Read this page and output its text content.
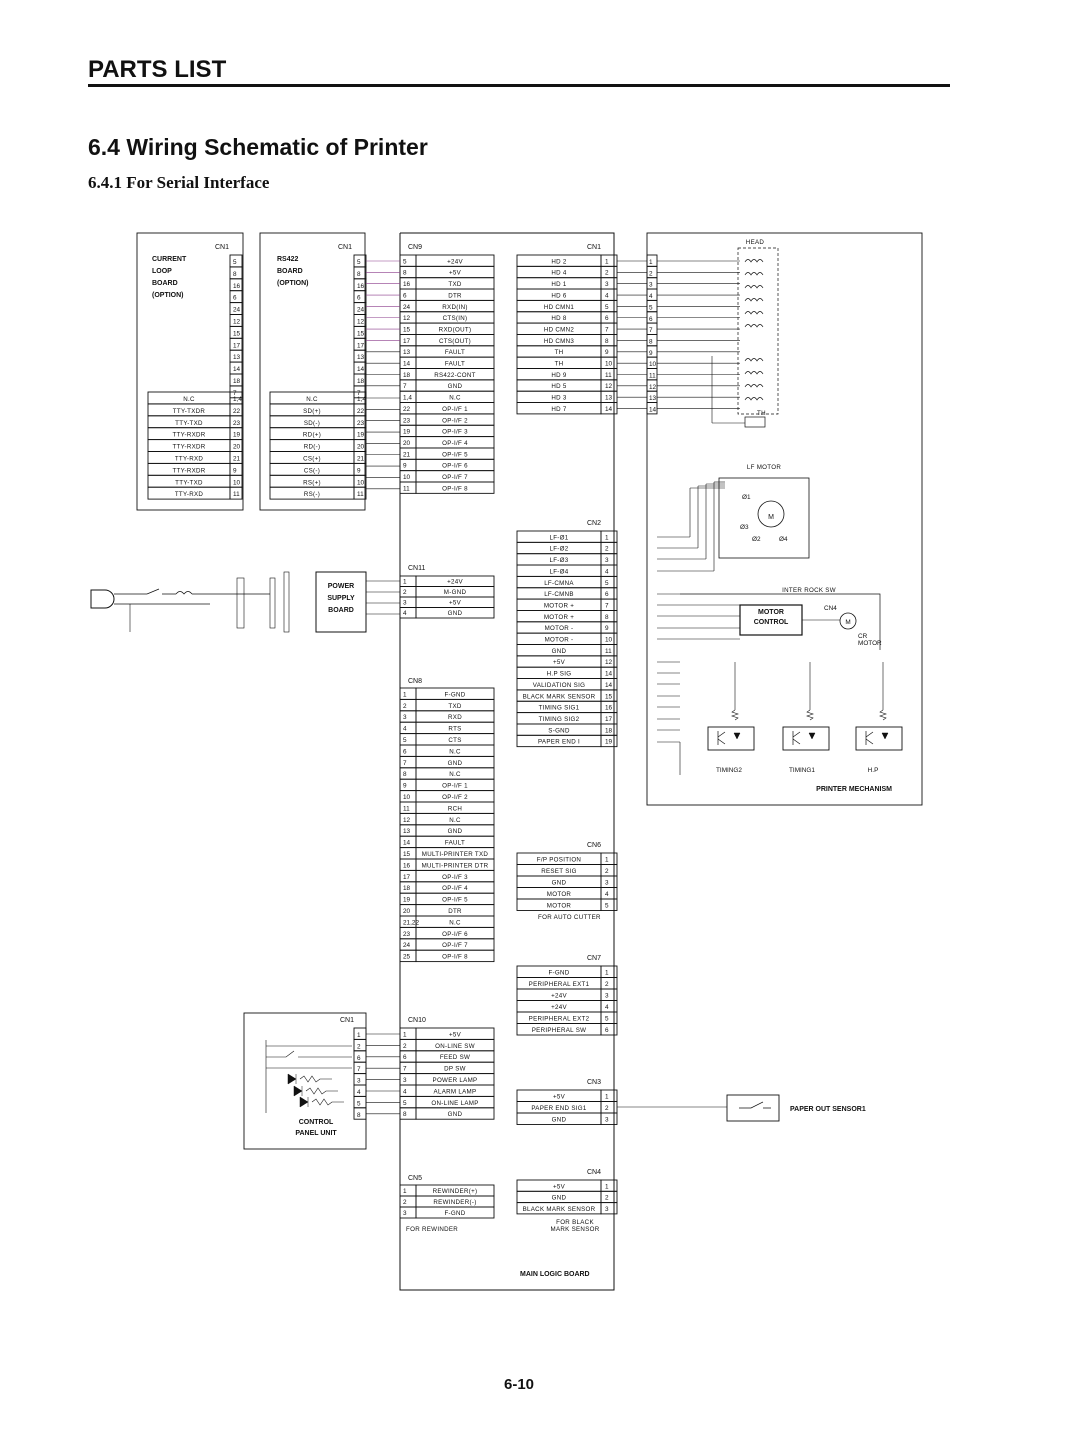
PARTS LIST
6.4 Wiring Schematic of Printer
6.4.1 For Serial Interface
CURRENT
LOOP
BOARD
(OPTION)
CN1
5
8
16
6
24
12
15
17
13
14
18
7
N.C	1,4
TTY-TXDR	22
TTY-TXD	23
TTY-RXDR	19
TTY-RXDR	20
TTY-RXD	21
TTY-RXDR	9
TTY-TXD	10
TTY-RXD	11
RS422
BOARD
(OPTION)
CN1
5
8
16
6
24
12
15
17
13
14
18
7
N.C	1,4
SD(+)	22
SD(-)	23
RD(+)	19
RD(-)	20
CS(+)	21
CS(-)	9
RS(+)	10
RS(-)	11
MAIN LOGIC BOARD
CN9
5	+24V
8	+5V
16	TXD
6	DTR
24	RXD(IN)
12	CTS(IN)
15	RXD(OUT)
17	CTS(OUT)
13	FAULT
14	FAULT
18	RS422-CONT
7	GND
1,4	N.C
22	OP-I/F 1
23	OP-I/F 2
19	OP-I/F 3
20	OP-I/F 4
21	OP-I/F 5
9	OP-I/F 6
10	OP-I/F 7
11	OP-I/F 8
CN11
1	+24V
2	M-GND
3	+5V
4	GND
CN8
1	F-GND
2	TXD
3	RXD
4	RTS
5	CTS
6	N.C
7	GND
8	N.C
9	OP-I/F 1
10	OP-I/F 2
11	RCH
12	N.C
13	GND
14	FAULT
15 MULTI-PRINTER TXD
16 MULTI-PRINTER DTR
17	OP-I/F 3
18	OP-I/F 4
19	OP-I/F 5
20	DTR
21,22	N.C
23	OP-I/F 6
24	OP-I/F 7
25	OP-I/F 8
CN10
1	+5V
2	ON-LINE SW
6	FEED SW
7	DP SW
3	POWER LAMP
4	ALARM LAMP
5	ON-LINE LAMP
8	GND
CN5
1	REWINDER(+)
2	REWINDER(-)
3	F-GND
FOR REWINDER
CN1
HD 2	1
HD 4	2
HD 1	3
HD 6	4
HD CMN1	5
HD 8	6
HD CMN2	7
HD CMN3	8
TH	9
TH	10
HD 9	11
HD 5	12
HD 3	13
HD 7	14
CN2
LF-Ø1	1
LF-Ø2	2
LF-Ø3	3
LF-Ø4	4
LF-CMNA	5
LF-CMNB	6
MOTOR +	7
MOTOR +	8
MOTOR -	9
MOTOR -	10
GND	11
+5V	12
H.P SIG	14
VALIDATION SIG	14
BLACK MARK SENSOR 15
TIMING SIG1	16
TIMING SIG2	17
S-GND	18
PAPER END I	19
CN6
F/P POSITION	1
RESET SIG	2
GND	3
MOTOR	4
MOTOR	5
FOR AUTO CUTTER
CN7
F-GND	1
PERIPHERAL EXT1 2
+24V	3
+24V	4
PERIPHERAL EXT2 5
PERIPHERAL SW	6
CN3
+5V	1
PAPER END SIG1	2
GND	3
CN4
+5V	1
GND	2
BLACK MARK SENSOR 3
FOR BLACK
MARK SENSOR
PRINTER MECHANISM
HEAD
1
2
3
4
5
6
7
8
9
10
11
12
13
14	TH
LF MOTOR
M
Ø1
Ø3
Ø2	Ø4
INTER ROCK SW
MOTOR
CONTROL
CN4
M
CR
MOTOR
TIMING2	TIMING1	H.P
PAPER OUT SENSOR1
POWER
SUPPLY
BOARD
CN1
1
2
6
7
3
4
5
8
CONTROL
PANEL UNIT
6-10
